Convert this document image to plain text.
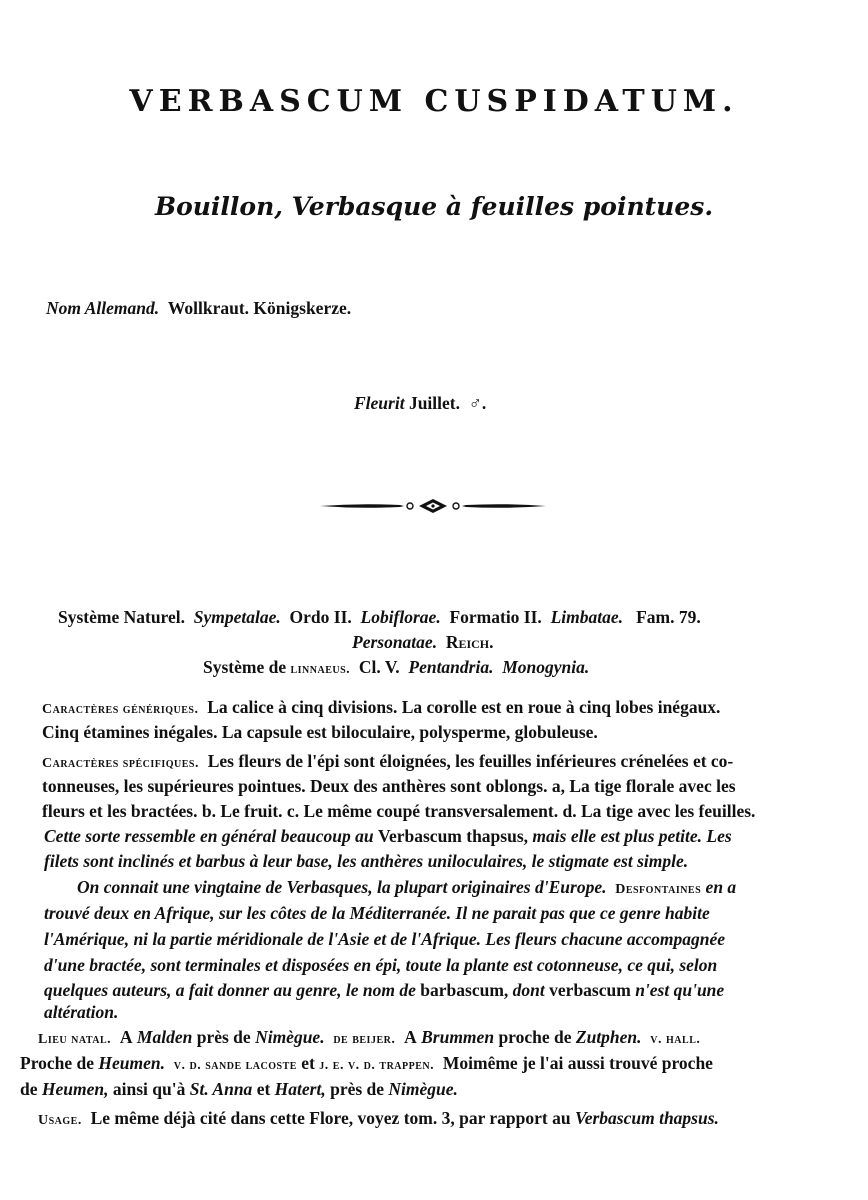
VERBASCUM CUSPIDATUM.
Bouillon, Verbasque à feuilles pointues.
Nom Allemand. Wollkraut. Königskerze.
Fleurit Juillet. ♂.
Système Naturel. Sympetalae. Ordo II. Lobiflorae. Formatio II. Limbatae. Fam. 79.
Personatae. Reich.
Système de linnaeus. Cl. V. Pentandria. Monogynia.
Caractères génériques. La calice à cinq divisions. La corolle est en roue à cinq lobes inégaux.
Cinq étamines inégales. La capsule est biloculaire, polysperme, globuleuse.
Caractères spécifiques. Les fleurs de l'épi sont éloignées, les feuilles inférieures crénelées et co-
tonneuses, les supérieures pointues. Deux des anthères sont oblongs. a, La tige florale avec les
fleurs et les bractées. b. Le fruit. c. Le même coupé transversalement. d. La tige avec les feuilles.
Cette sorte ressemble en général beaucoup au Verbascum thapsus, mais elle est plus petite. Les
filets sont inclinés et barbus à leur base, les anthères uniloculaires, le stigmate est simple.
On connait une vingtaine de Verbasques, la plupart originaires d'Europe. Desfontaines en a
trouvé deux en Afrique, sur les côtes de la Méditerranée. Il ne parait pas que ce genre habite
l'Amérique, ni la partie méridionale de l'Asie et de l'Afrique. Les fleurs chacune accompagnée
d'une bractée, sont terminales et disposées en épi, toute la plante est cotonneuse, ce qui, selon
quelques auteurs, a fait donner au genre, le nom de barbascum, dont verbascum n'est qu'une
altération.
Lieu natal. A Malden près de Nimègue. de beijer. A Brummen proche de Zutphen. v. hall.
Proche de Heumen. v. d. sande lacoste et j. e. v. d. trappen. Moimême je l'ai aussi trouvé proche
de Heumen, ainsi qu'à St. Anna et Hatert, près de Nimègue.
Usage. Le même déjà cité dans cette Flore, voyez tom. 3, par rapport au Verbascum thapsus.
